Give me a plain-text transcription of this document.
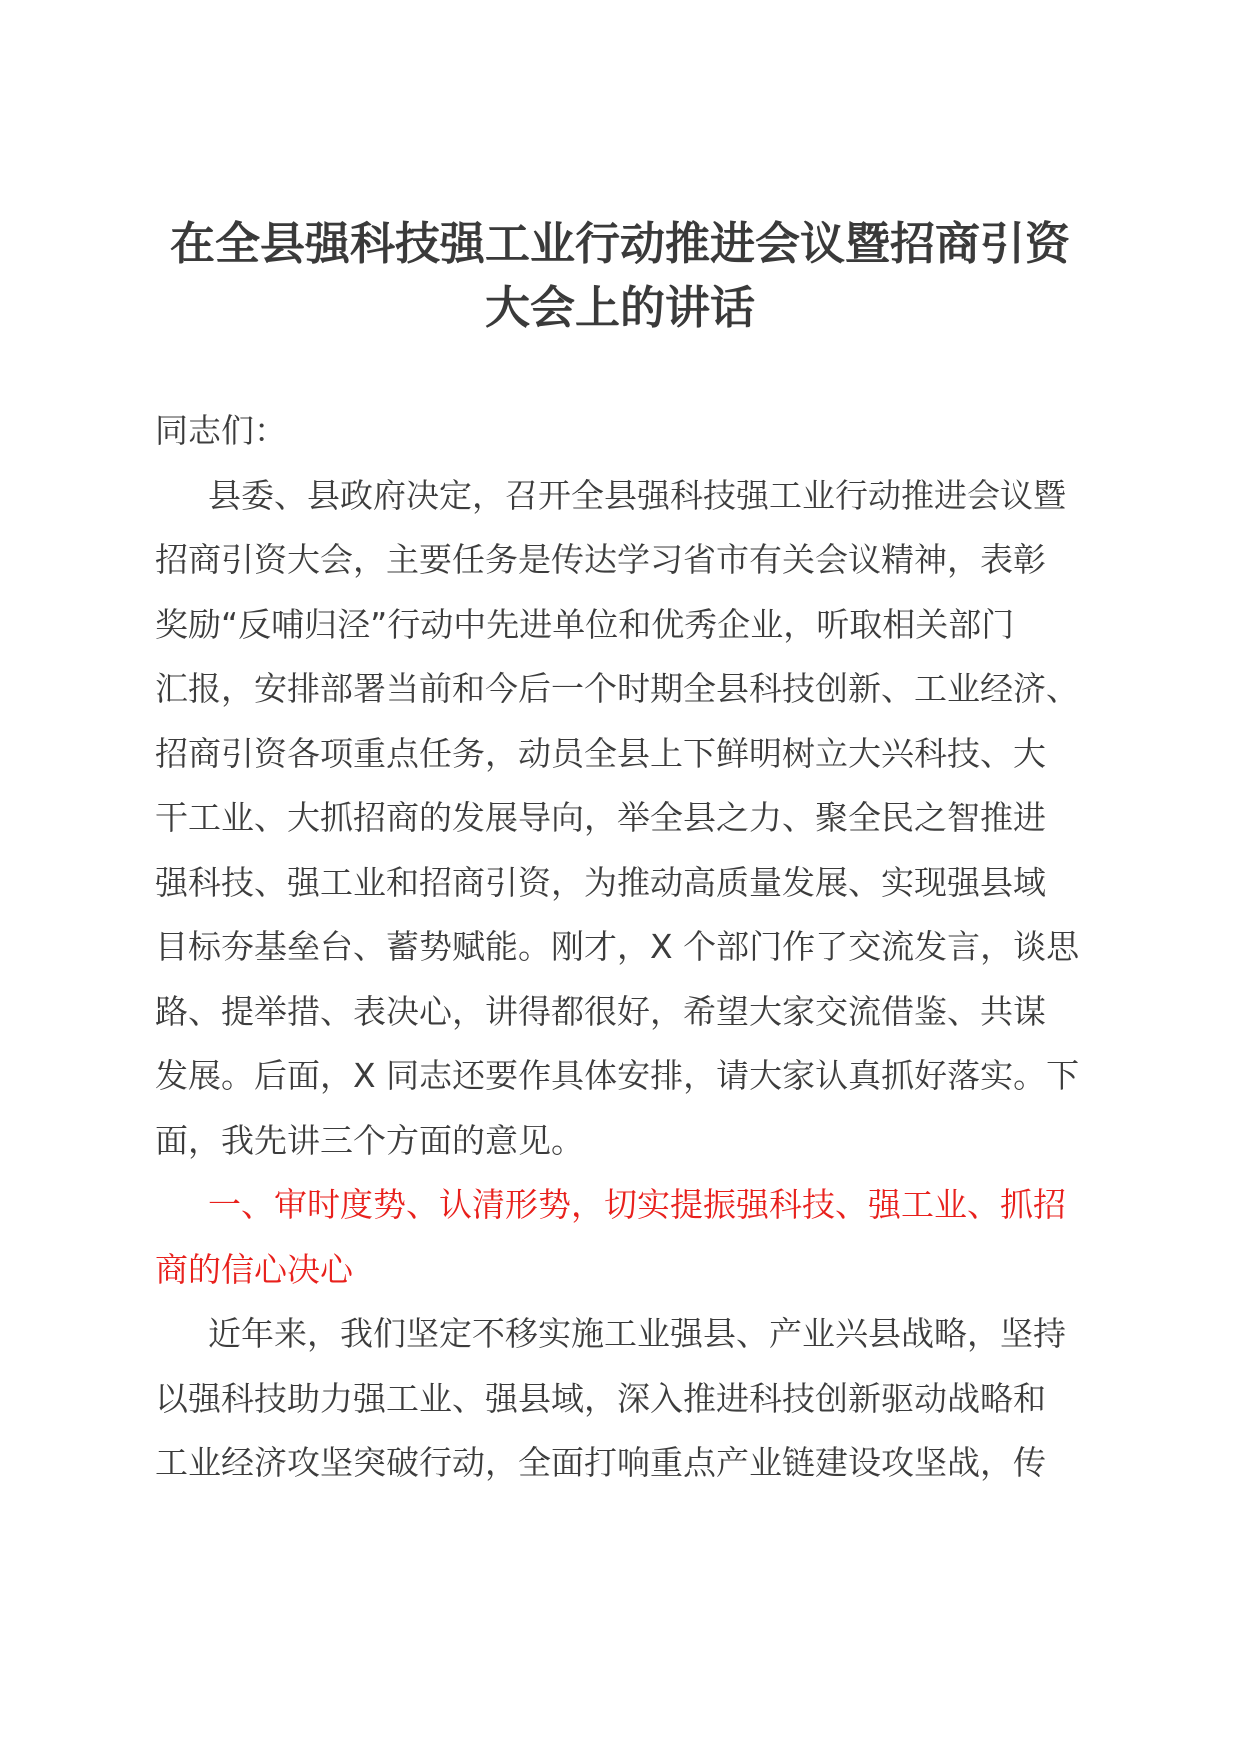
在全县强科技强工业行动推进会议暨招商引资
大会上的讲话
同志们：
县委、县政府决定，召开全县强科技强工业行动推进会议暨
招商引资大会，主要任务是传达学习省市有关会议精神，表彰
奖励“反哺归泾”行动中先进单位和优秀企业，听取相关部门
汇报，安排部署当前和今后一个时期全县科技创新、工业经济、
招商引资各项重点任务，动员全县上下鲜明树立大兴科技、大
干工业、大抓招商的发展导向，举全县之力、聚全民之智推进
强科技、强工业和招商引资，为推动高质量发展、实现强县域
目标夯基垒台、蓄势赋能。刚才，X 个部门作了交流发言，谈思
路、提举措、表决心，讲得都很好，希望大家交流借鉴、共谋
发展。后面，X 同志还要作具体安排，请大家认真抓好落实。下
面，我先讲三个方面的意见。
一、审时度势、认清形势，切实提振强科技、强工业、抓招
商的信心决心
近年来，我们坚定不移实施工业强县、产业兴县战略，坚持
以强科技助力强工业、强县域，深入推进科技创新驱动战略和
工业经济攻坚突破行动，全面打响重点产业链建设攻坚战，传
